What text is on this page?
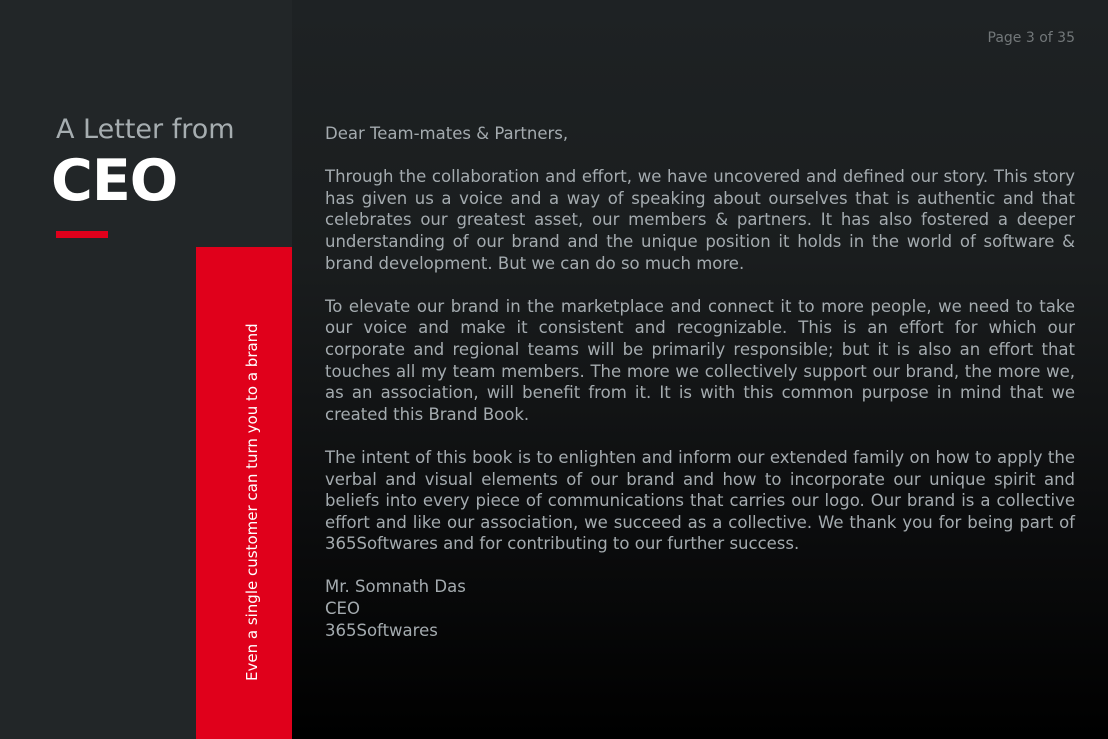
Page 3 of 35
A Letter from
CEO
Even a single customer can turn you to a brand

Dear Team-mates & Partners,

Through the collaboration and effort, we have uncovered and defined our story. This story has given us a voice and a way of speaking about ourselves that is authentic and that celebrates our greatest asset, our members & partners. It has also fostered a deeper understanding of our brand and the unique position it holds in the world of software & brand development. But we can do so much more.

To elevate our brand in the marketplace and connect it to more people, we need to take our voice and make it consistent and recognizable. This is an effort for which our corporate and regional teams will be primarily responsible; but it is also an effort that touches all my team members. The more we collectively support our brand, the more we, as an association, will benefit from it. It is with this common purpose in mind that we created this Brand Book.

The intent of this book is to enlighten and inform our extended family on how to apply the verbal and visual elements of our brand and how to incorporate our unique spirit and beliefs into every piece of communications that carries our logo. Our brand is a collective effort and like our association, we succeed as a collective. We thank you for being part of 365Softwares and for contributing to our further success.

Mr. Somnath Das

CEO

365Softwares
